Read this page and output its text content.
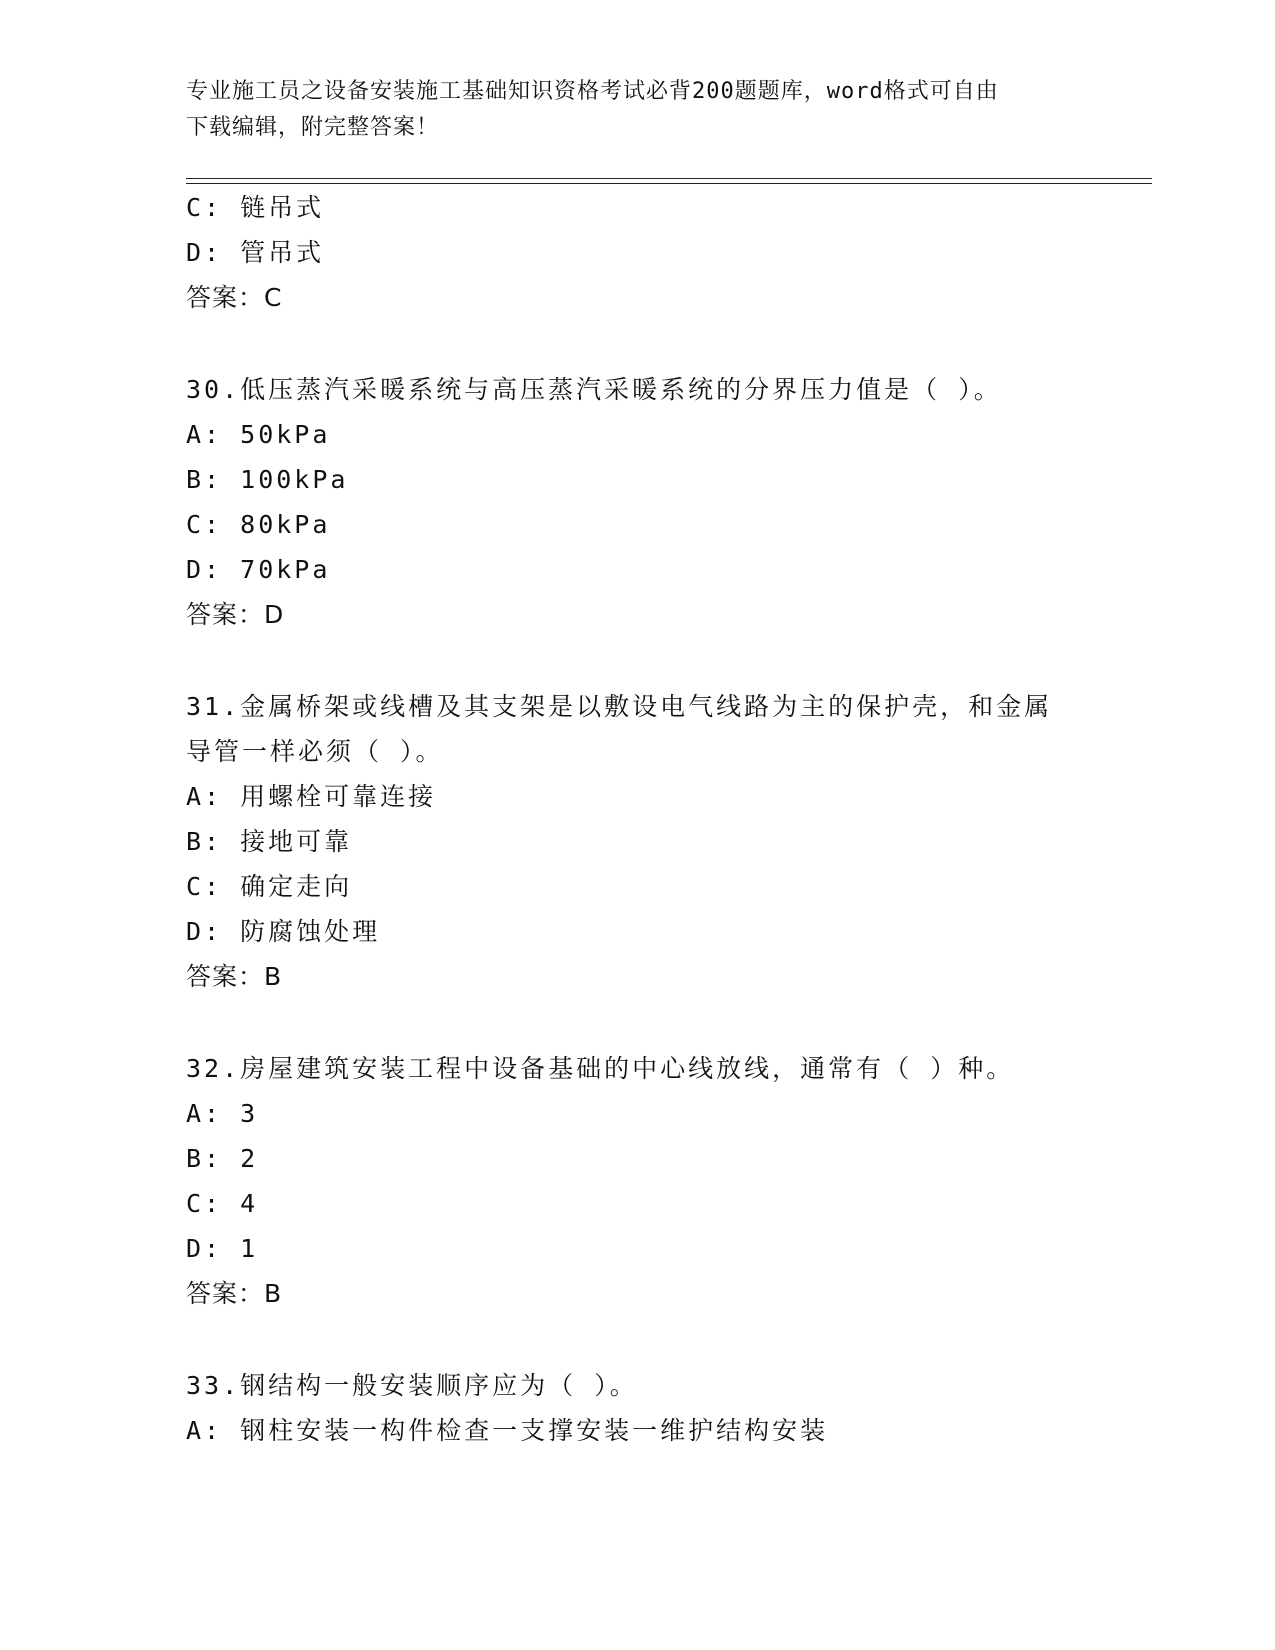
专业施工员之设备安装施工基础知识资格考试必背200题题库，word格式可自由
下载编辑，附完整答案！
C: 链吊式
D: 管吊式
答案：C
30.低压蒸汽采暖系统与高压蒸汽采暖系统的分界压力值是（ ）。
A: 50kPa
B: 100kPa
C: 80kPa
D: 70kPa
答案：D
31.金属桥架或线槽及其支架是以敷设电气线路为主的保护壳，和金属
导管一样必须（ ）。
A: 用螺栓可靠连接
B: 接地可靠
C: 确定走向
D: 防腐蚀处理
答案：B
32.房屋建筑安装工程中设备基础的中心线放线，通常有（ ）种。
A: 3
B: 2
C: 4
D: 1
答案：B
33.钢结构一般安装顺序应为（ ）。
A: 钢柱安装一构件检查一支撑安装一维护结构安装
